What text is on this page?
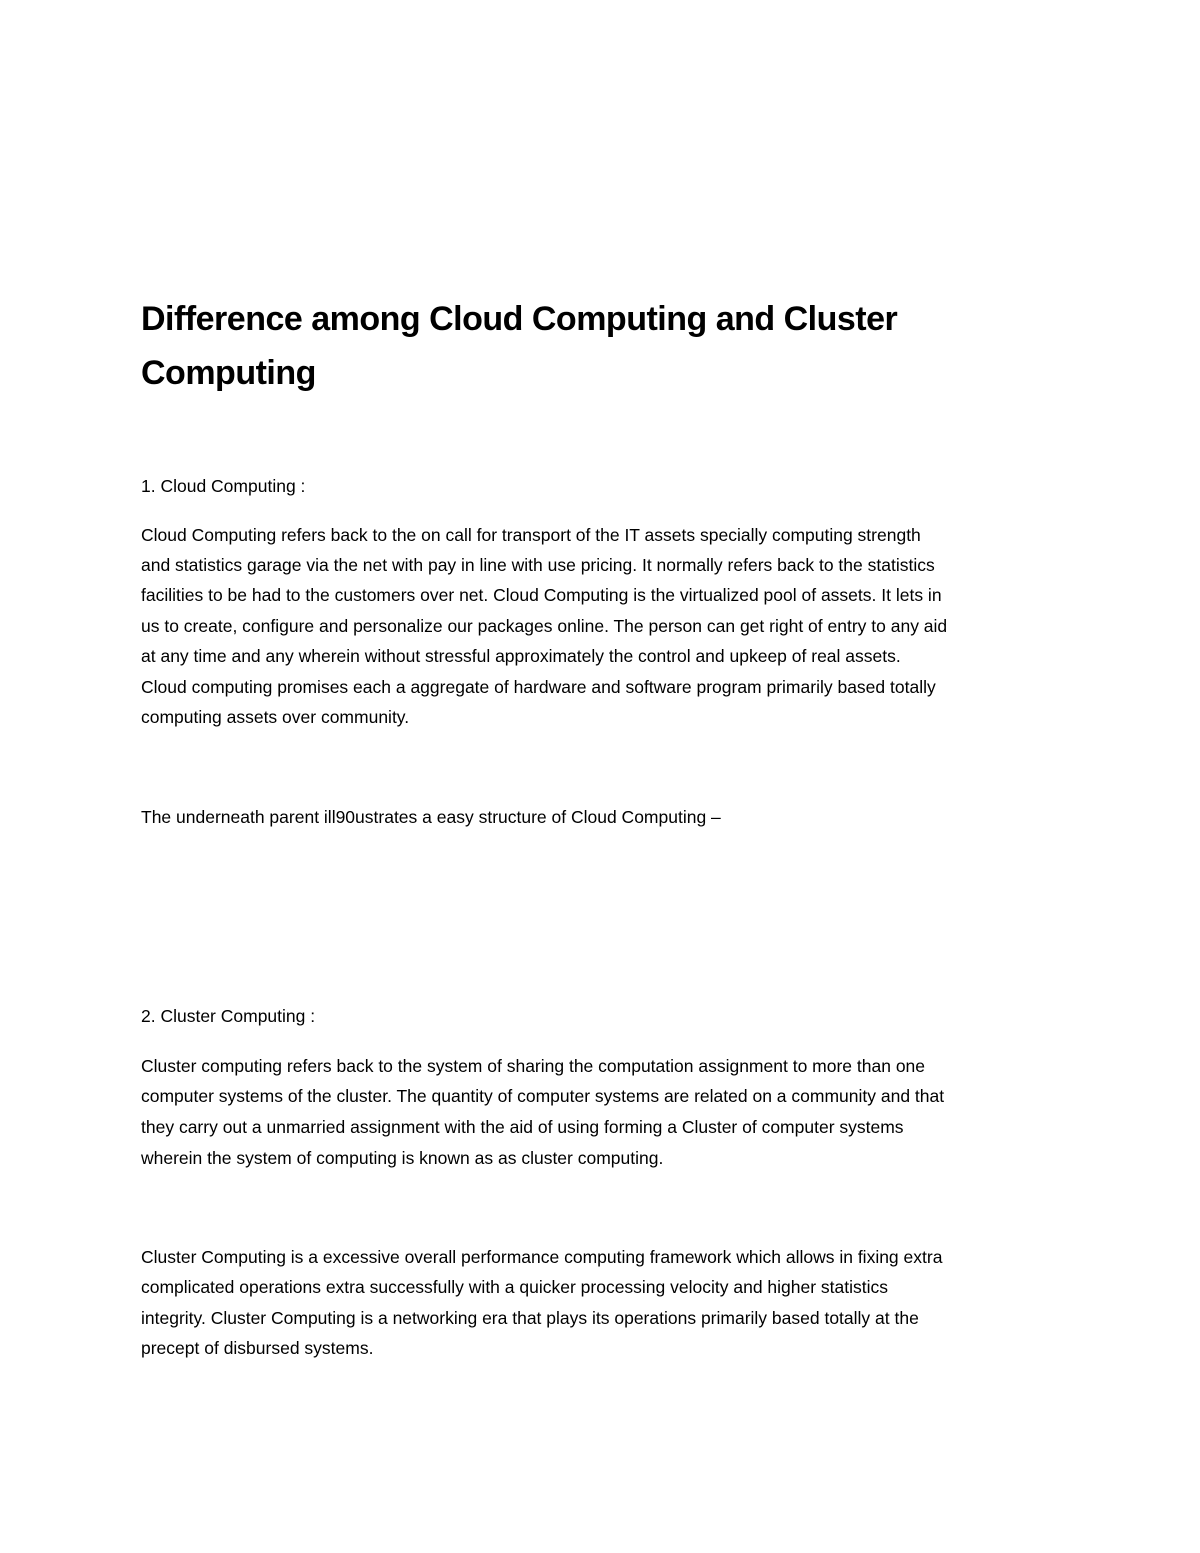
Difference among Cloud Computing and Cluster
Computing

1. Cloud Computing :

Cloud Computing refers back to the on call for transport of the IT assets specially computing strength

and statistics garage via the net with pay in line with use pricing. It normally refers back to the statistics

facilities to be had to the customers over net. Cloud Computing is the virtualized pool of assets. It lets in

us to create, configure and personalize our packages online. The person can get right of entry to any aid

at any time and any wherein without stressful approximately the control and upkeep of real assets.

Cloud computing promises each a aggregate of hardware and software program primarily based totally

computing assets over community.

The underneath parent ill90ustrates a easy structure of Cloud Computing –

2. Cluster Computing :

Cluster computing refers back to the system of sharing the computation assignment to more than one

computer systems of the cluster. The quantity of computer systems are related on a community and that

they carry out a unmarried assignment with the aid of using forming a Cluster of computer systems

wherein the system of computing is known as as cluster computing.

Cluster Computing is a excessive overall performance computing framework which allows in fixing extra

complicated operations extra successfully with a quicker processing velocity and higher statistics

integrity. Cluster Computing is a networking era that plays its operations primarily based totally at the

precept of disbursed systems.
